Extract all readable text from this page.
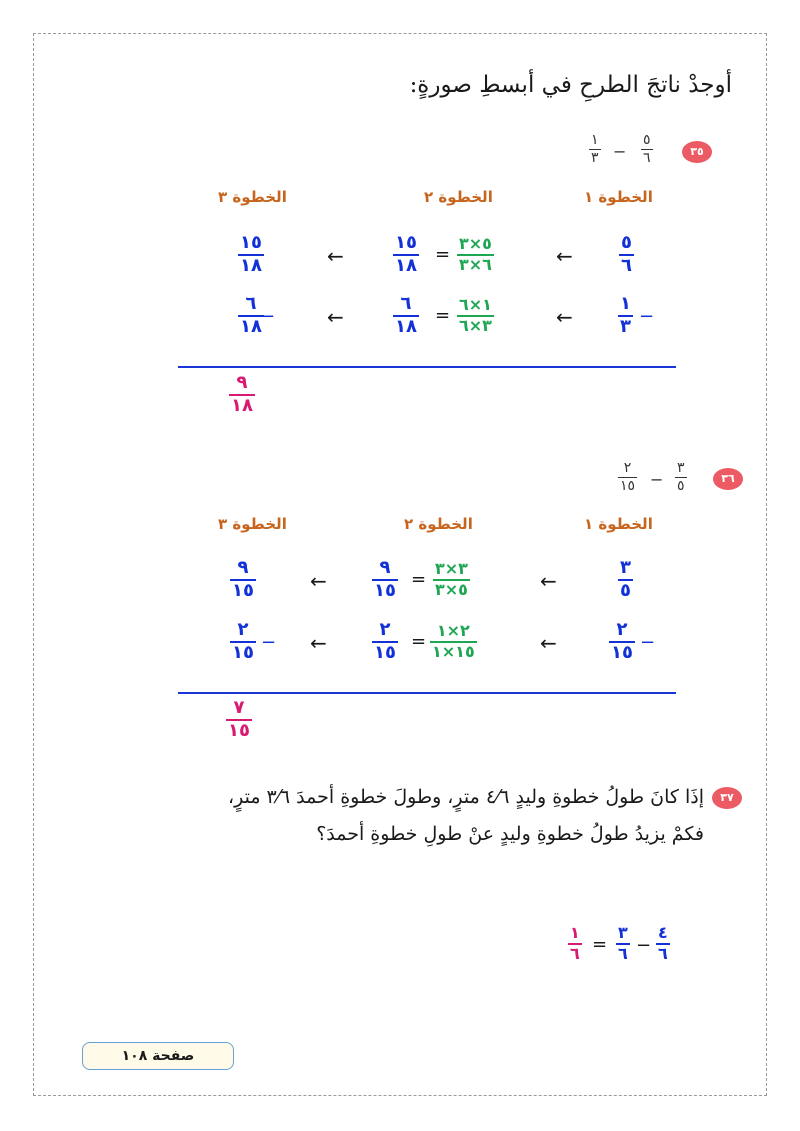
أوجدْ ناتجَ الطرحِ في أبسطِ صورةٍ:
٣٥
٥
٦
−
١
٣
الخطوة ١
الخطوة ٢
الخطوة ٣
٥
٦
←
٥×٣
٦×٣
=
١٥
١٨
←
١٥
١٨
−
١
٣
←
١×٦
٣×٦
=
٦
١٨
←
−
٦
١٨
٩
١٨
٣٦
٣
٥
−
٢
١٥
الخطوة ١
الخطوة ٢
الخطوة ٣
٣
٥
←
٣×٣
٥×٣
=
٩
١٥
←
٩
١٥
−
٢
١٥
←
٢×١
١٥×١
=
٢
١٥
←
−
٢
١٥
٧
١٥
٣٧
إذَا كانَ طولُ خطوةِ وليدٍ ٤⁄٦ مترٍ، وطولَ خطوةِ أحمدَ ٣⁄٦ مترٍ،
فكمْ يزيدُ طولُ خطوةِ وليدٍ عنْ طولِ خطوةِ أحمدَ؟
٤
٦
−
٣
٦
=
١
٦
صفحة ١٠٨
